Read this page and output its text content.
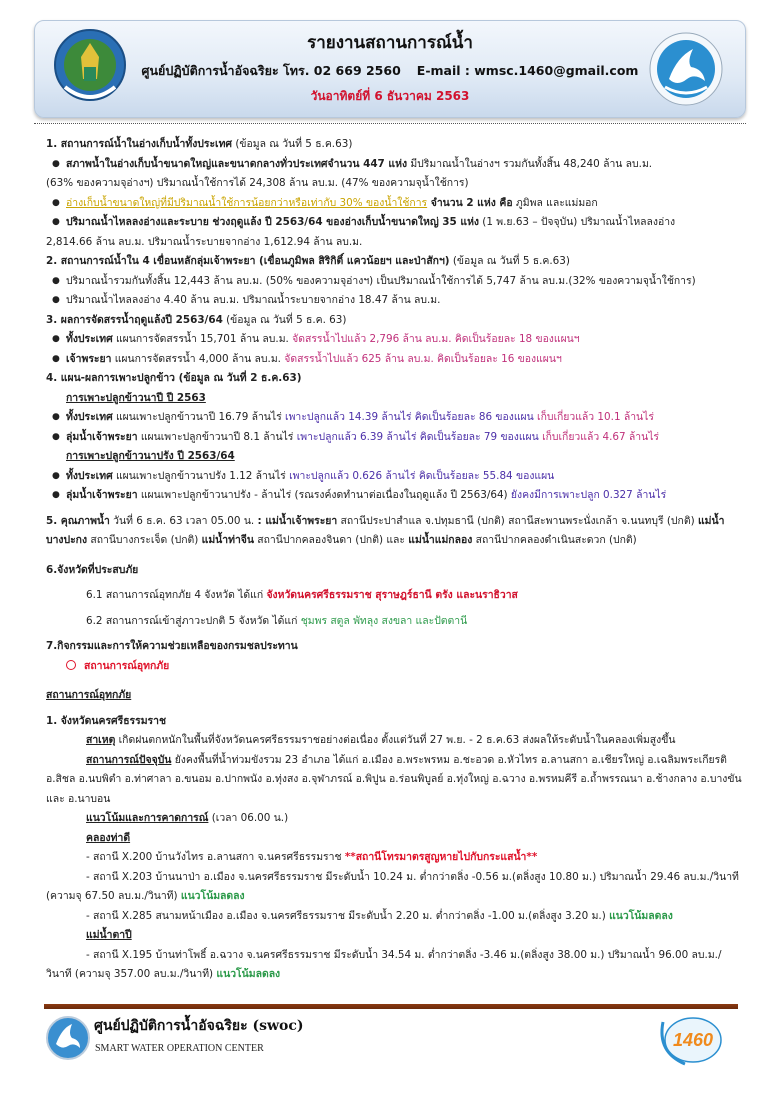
รายงานสถานการณ์น้ำ
ศูนย์ปฏิบัติการน้ำอัจฉริยะ โทร. 02 669 2560 E-mail : wmsc.1460@gmail.com
วันอาทิตย์ที่ 6 ธันวาคม 2563

1. สถานการณ์น้ำในอ่างเก็บน้ำทั้งประเทศ (ข้อมูล ณ วันที่ 5 ธ.ค.63)

● สภาพน้ำในอ่างเก็บน้ำขนาดใหญ่และขนาดกลางทั่วประเทศจำนวน 447 แห่ง มีปริมาณน้ำในอ่างฯ รวมกันทั้งสิ้น 48,240 ล้าน ลบ.ม.

(63% ของความจุอ่างฯ) ปริมาณน้ำใช้การได้ 24,308 ล้าน ลบ.ม. (47% ของความจุน้ำใช้การ)

● อ่างเก็บน้ำขนาดใหญ่ที่มีปริมาณน้ำใช้การน้อยกว่าหรือเท่ากับ 30% ของน้ำใช้การ จำนวน 2 แห่ง คือ ภูมิพล และแม่มอก

● ปริมาณน้ำไหลลงอ่างและระบาย ช่วงฤดูแล้ง ปี 2563/64 ของอ่างเก็บน้ำขนาดใหญ่ 35 แห่ง (1 พ.ย.63 – ปัจจุบัน) ปริมาณน้ำไหลลงอ่าง

2,814.66 ล้าน ลบ.ม. ปริมาณน้ำระบายจากอ่าง 1,612.94 ล้าน ลบ.ม.

2. สถานการณ์น้ำใน 4 เขื่อนหลักลุ่มเจ้าพระยา (เขื่อนภูมิพล สิริกิติ์ แควน้อยฯ และป่าสักฯ) (ข้อมูล ณ วันที่ 5 ธ.ค.63)

● ปริมาณน้ำรวมกันทั้งสิ้น 12,443 ล้าน ลบ.ม. (50% ของความจุอ่างฯ) เป็นปริมาณน้ำใช้การได้ 5,747 ล้าน ลบ.ม.(32% ของความจุน้ำใช้การ)

● ปริมาณน้ำไหลลงอ่าง 4.40 ล้าน ลบ.ม. ปริมาณน้ำระบายจากอ่าง 18.47 ล้าน ลบ.ม.

3. ผลการจัดสรรน้ำฤดูแล้งปี 2563/64 (ข้อมูล ณ วันที่ 5 ธ.ค. 63)

● ทั้งประเทศ แผนการจัดสรรน้ำ 15,701 ล้าน ลบ.ม. จัดสรรน้ำไปแล้ว 2,796 ล้าน ลบ.ม. คิดเป็นร้อยละ 18 ของแผนฯ

● เจ้าพระยา แผนการจัดสรรน้ำ 4,000 ล้าน ลบ.ม. จัดสรรน้ำไปแล้ว 625 ล้าน ลบ.ม. คิดเป็นร้อยละ 16 ของแผนฯ

4. แผน-ผลการเพาะปลูกข้าว (ข้อมูล ณ วันที่ 2 ธ.ค.63)

การเพาะปลูกข้าวนาปี ปี 2563

● ทั้งประเทศ แผนเพาะปลูกข้าวนาปี 16.79 ล้านไร่ เพาะปลูกแล้ว 14.39 ล้านไร่ คิดเป็นร้อยละ 86 ของแผน เก็บเกี่ยวแล้ว 10.1 ล้านไร่

● ลุ่มน้ำเจ้าพระยา แผนเพาะปลูกข้าวนาปี 8.1 ล้านไร่ เพาะปลูกแล้ว 6.39 ล้านไร่ คิดเป็นร้อยละ 79 ของแผน เก็บเกี่ยวแล้ว 4.67 ล้านไร่

การเพาะปลูกข้าวนาปรัง ปี 2563/64

● ทั้งประเทศ แผนเพาะปลูกข้าวนาปรัง 1.12 ล้านไร่ เพาะปลูกแล้ว 0.626 ล้านไร่ คิดเป็นร้อยละ 55.84 ของแผน

● ลุ่มน้ำเจ้าพระยา แผนเพาะปลูกข้าวนาปรัง - ล้านไร่ (รณรงค์งดทำนาต่อเนื่องในฤดูแล้ง ปี 2563/64) ยังคงมีการเพาะปลูก 0.327 ล้านไร่

5. คุณภาพน้ำ วันที่ 6 ธ.ค. 63 เวลา 05.00 น. : แม่น้ำเจ้าพระยา สถานีประปาสำแล จ.ปทุมธานี (ปกติ) สถานีสะพานพระนั่งเกล้า จ.นนทบุรี (ปกติ) แม่น้ำบางปะกง สถานีบางกระเจ็ด (ปกติ) แม่น้ำท่าจีน สถานีปากคลองจินดา (ปกติ) และ แม่น้ำแม่กลอง สถานีปากคลองดำเนินสะดวก (ปกติ)

6.จังหวัดที่ประสบภัย

6.1 สถานการณ์อุทกภัย 4 จังหวัด ได้แก่ จังหวัดนครศรีธรรมราช สุราษฎร์ธานี ตรัง และนราธิวาส

6.2 สถานการณ์เข้าสู่ภาวะปกติ 5 จังหวัด ได้แก่ ชุมพร สตูล พัทลุง สงขลา และปัตตานี

7.กิจกรรมและการให้ความช่วยเหลือของกรมชลประทาน

สถานการณ์อุทกภัย

สถานการณ์อุทกภัย

1. จังหวัดนครศรีธรรมราช

สาเหตุ เกิดฝนตกหนักในพื้นที่จังหวัดนครศรีธรรมราชอย่างต่อเนื่อง ตั้งแต่วันที่ 27 พ.ย. - 2 ธ.ค.63 ส่งผลให้ระดับน้ำในคลองเพิ่มสูงขึ้น

สถานการณ์ปัจจุบัน ยังคงพื้นที่น้ำท่วมขังรวม 23 อำเภอ ได้แก่ อ.เมือง อ.พระพรหม อ.ชะอวด อ.หัวไทร อ.ลานสกา อ.เชียรใหญ่ อ.เฉลิมพระเกียรติ อ.สิชล อ.นบพิตำ อ.ท่าศาลา อ.ขนอม อ.ปากพนัง อ.ทุ่งสง อ.จุฬาภรณ์ อ.พิปูน อ.ร่อนพิบูลย์ อ.ทุ่งใหญ่ อ.ฉวาง อ.พรหมคีรี อ.ถ้ำพรรณนา อ.ช้างกลาง อ.บางขัน และ อ.นาบอน

แนวโน้มและการคาดการณ์ (เวลา 06.00 น.)

คลองท่าดี

- สถานี X.200 บ้านวังไทร อ.ลานสกา จ.นครศรีธรรมราช **สถานีโทรมาตรสูญหายไปกับกระแสน้ำ**

- สถานี X.203 บ้านนาป่า อ.เมือง จ.นครศรีธรรมราช มีระดับน้ำ 10.24 ม. ต่ำกว่าตลิ่ง -0.56 ม.(ตลิ่งสูง 10.80 ม.) ปริมาณน้ำ 29.46 ลบ.ม./วินาที (ความจุ 67.50 ลบ.ม./วินาที) แนวโน้มลดลง

- สถานี X.285 สนามหน้าเมือง อ.เมือง จ.นครศรีธรรมราช มีระดับน้ำ 2.20 ม. ต่ำกว่าตลิ่ง -1.00 ม.(ตลิ่งสูง 3.20 ม.) แนวโน้มลดลง

แม่น้ำตาปี

- สถานี X.195 บ้านท่าโพธิ์ อ.ฉวาง จ.นครศรีธรรมราช มีระดับน้ำ 34.54 ม. ต่ำกว่าตลิ่ง -3.46 ม.(ตลิ่งสูง 38.00 ม.) ปริมาณน้ำ 96.00 ลบ.ม./วินาที (ความจุ 357.00 ลบ.ม./วินาที) แนวโน้มลดลง

ศูนย์ปฏิบัติการน้ำอัจฉริยะ (swoc)
SMART WATER OPERATION CENTER	1460
